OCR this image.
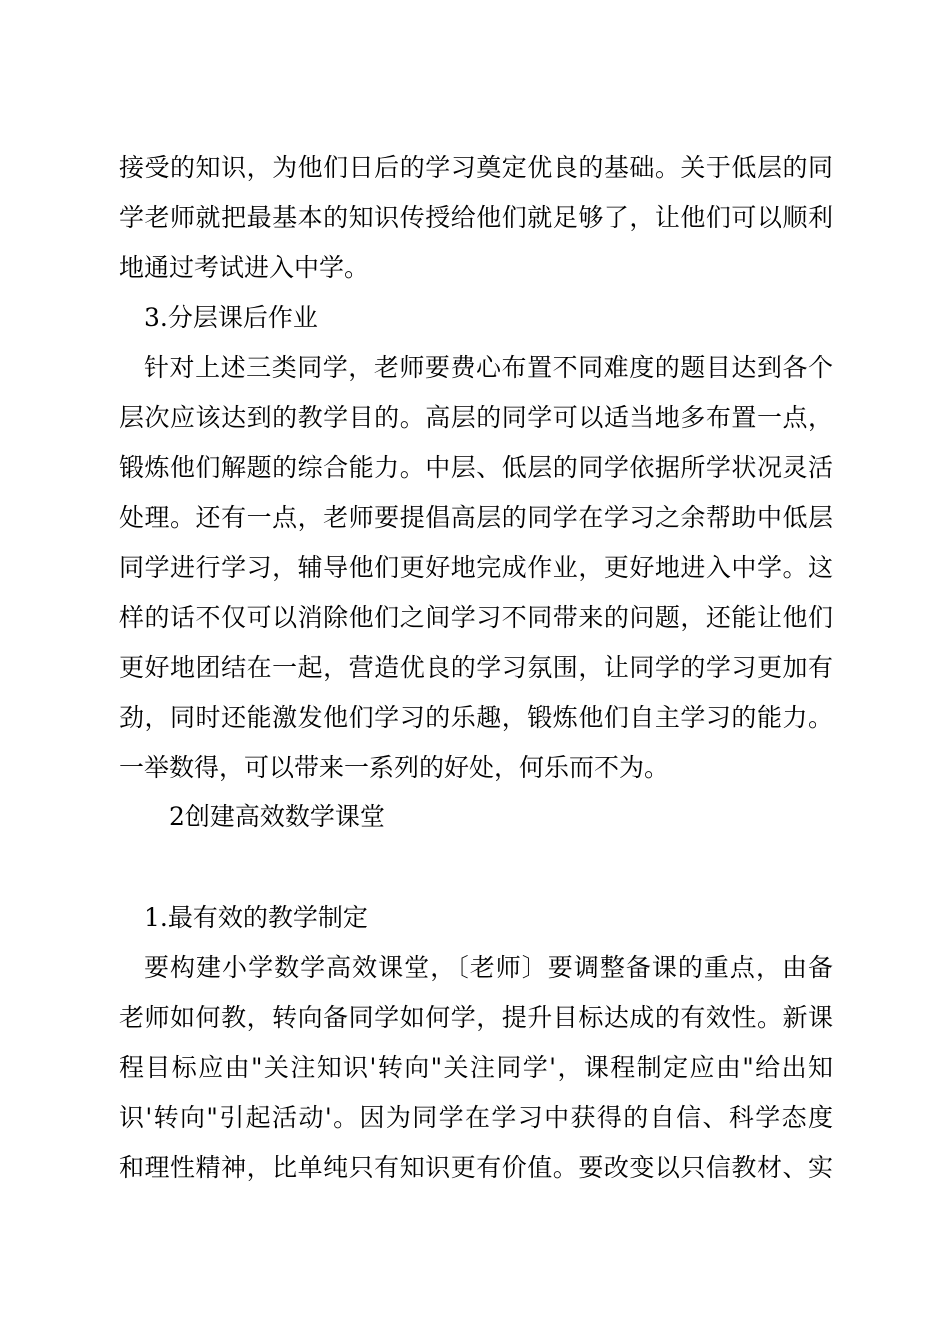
接受的知识，为他们日后的学习奠定优良的基础。关于低层的同
学老师就把最基本的知识传授给他们就足够了，让他们可以顺利
地通过考试进入中学。
3.分层课后作业
针对上述三类同学，老师要费心布置不同难度的题目达到各个
层次应该达到的教学目的。高层的同学可以适当地多布置一点，
锻炼他们解题的综合能力。中层、低层的同学依据所学状况灵活
处理。还有一点，老师要提倡高层的同学在学习之余帮助中低层
同学进行学习，辅导他们更好地完成作业，更好地进入中学。这
样的话不仅可以消除他们之间学习不同带来的问题，还能让他们
更好地团结在一起，营造优良的学习氛围，让同学的学习更加有
劲，同时还能激发他们学习的乐趣，锻炼他们自主学习的能力。
一举数得，可以带来一系列的好处，何乐而不为。
2创建高效数学课堂
1.最有效的教学制定
要构建小学数学高效课堂，〔老师〕要调整备课的重点，由备
老师如何教，转向备同学如何学，提升目标达成的有效性。新课
程目标应由"关注知识'转向"关注同学'，课程制定应由"给出知
识'转向"引起活动'。因为同学在学习中获得的自信、科学态度
和理性精神，比单纯只有知识更有价值。要改变以只信教材、实
